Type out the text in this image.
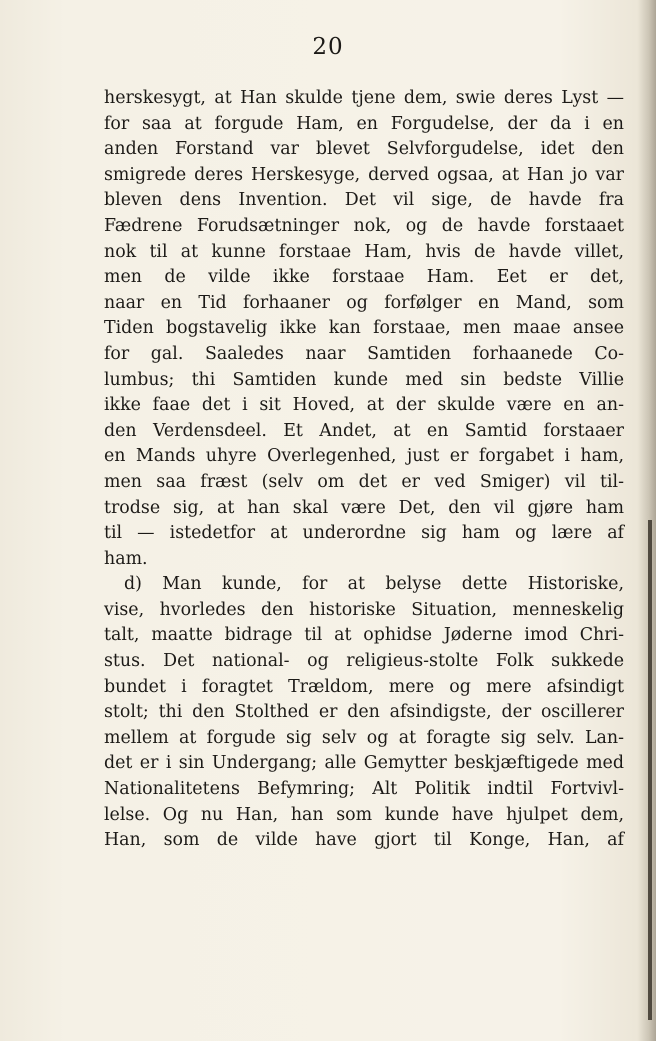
20
herskesygt, at Han skulde tjene dem, swie deres Lyst —
for saa at forgude Ham, en Forgudelse, der da i en
anden Forstand var blevet Selvforgudelse, idet den
smigrede deres Herskesyge, derved ogsaa, at Han jo var
bleven dens Invention. Det vil sige, de havde fra
Fædrene Forudsætninger nok, og de havde forstaaet
nok til at kunne forstaae Ham, hvis de havde villet,
men de vilde ikke forstaae Ham. Eet er det,
naar en Tid forhaaner og forfølger en Mand, som
Tiden bogstavelig ikke kan forstaae, men maae ansee
for gal. Saaledes naar Samtiden forhaanede Co-
lumbus; thi Samtiden kunde med sin bedste Villie
ikke faae det i sit Hoved, at der skulde være en an-
den Verdensdeel. Et Andet, at en Samtid forstaaer
en Mands uhyre Overlegenhed, just er forgabet i ham,
men saa fræst (selv om det er ved Smiger) vil til-
trodse sig, at han skal være Det, den vil gjøre ham
til — istedetfor at underordne sig ham og lære af
ham.
d) Man kunde, for at belyse dette Historiske,
vise, hvorledes den historiske Situation, menneskelig
talt, maatte bidrage til at ophidse Jøderne imod Chri-
stus. Det national- og religieus-stolte Folk sukkede
bundet i foragtet Trældom, mere og mere afsindigt
stolt; thi den Stolthed er den afsindigste, der oscillerer
mellem at forgude sig selv og at foragte sig selv. Lan-
det er i sin Undergang; alle Gemytter beskjæftigede med
Nationalitetens Befymring; Alt Politik indtil Fortvivl-
lelse. Og nu Han, han som kunde have hjulpet dem,
Han, som de vilde have gjort til Konge, Han, af
